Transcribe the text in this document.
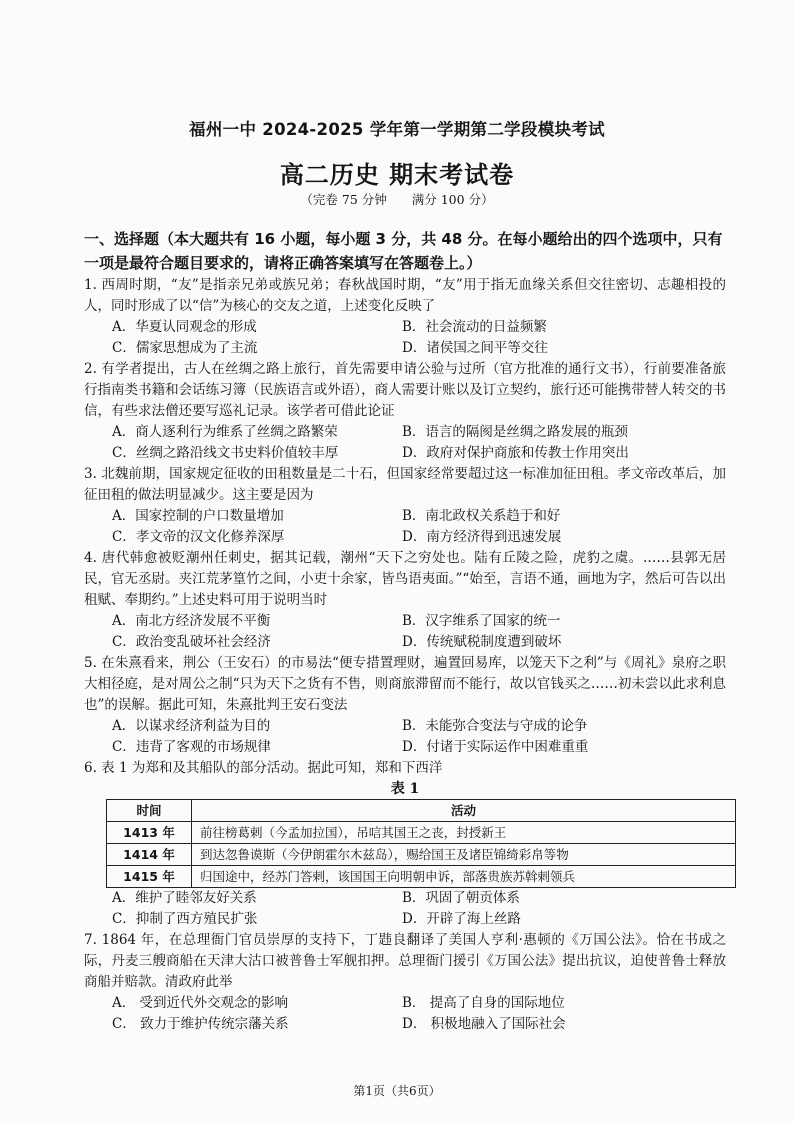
福州一中 2024-2025 学年第一学期第二学段模块考试
高二历史 期末考试卷
（完卷 75 分钟　　满分 100 分）

一、选择题（本大题共有 16 小题，每小题 3 分，共 48 分。在每小题给出的四个选项中，只有一项是最符合题目要求的，请将正确答案填写在答题卷上。）

1. 西周时期，“友”是指亲兄弟或族兄弟；春秋战国时期，“友”用于指无血缘关系但交往密切、志趣相投的人，同时形成了以“信”为核心的交友之道，上述变化反映了

A．华夏认同观念的形成	B．社会流动的日益频繁
C．儒家思想成为了主流	D．诸侯国之间平等交往

2. 有学者提出，古人在丝绸之路上旅行，首先需要申请公验与过所（官方批准的通行文书），行前要准备旅行指南类书籍和会话练习簿（民族语言或外语），商人需要计账以及订立契约，旅行还可能携带替人转交的书信，有些求法僧还要写巡礼记录。该学者可借此论证

A．商人逐利行为维系了丝绸之路繁荣	B．语言的隔阂是丝绸之路发展的瓶颈
C．丝绸之路沿线文书史料价值较丰厚	D．政府对保护商旅和传教士作用突出

3. 北魏前期，国家规定征收的田租数量是二十石，但国家经常要超过这一标准加征田租。孝文帝改革后，加征田租的做法明显减少。这主要是因为

A．国家控制的户口数量增加	B．南北政权关系趋于和好
C．孝文帝的汉文化修养深厚	D．南方经济得到迅速发展

4. 唐代韩愈被贬潮州任刺史，据其记载，潮州“天下之穷处也。陆有丘陵之险，虎豹之虞。……县郭无居民，官无丞尉。夹江荒茅篁竹之间，小吏十余家，皆鸟语夷面。”“始至，言语不通，画地为字，然后可告以出租赋、奉期约。”上述史料可用于说明当时

A．南北方经济发展不平衡	B．汉字维系了国家的统一
C．政治变乱破坏社会经济	D．传统赋税制度遭到破坏

5. 在朱熹看来，荆公（王安石）的市易法“便专措置理财，遍置回易库，以笼天下之利”与《周礼》泉府之职大相径庭，是对周公之制“只为天下之货有不售，则商旅滞留而不能行，故以官钱买之……初未尝以此求利息也”的误解。据此可知，朱熹批判王安石变法

A．以谋求经济利益为目的	B．未能弥合变法与守成的论争
C．违背了客观的市场规律	D．付诸于实际运作中困难重重

6. 表 1 为郑和及其船队的部分活动。据此可知，郑和下西洋

表 1

时间	活动
1413 年	前往榜葛剌（今孟加拉国），吊唁其国王之丧，封授新王
1414 年	到达忽鲁谟斯（今伊朗霍尔木兹岛），赐给国王及诸臣锦绮彩帛等物
1415 年	归国途中，经苏门答剌，该国国王向明朝申诉，部落贵族苏斡剌领兵
A．维护了睦邻友好关系	B．巩固了朝贡体系
C．抑制了西方殖民扩张	D．开辟了海上丝路

7. 1864 年，在总理衙门官员崇厚的支持下，丁韪良翻译了美国人亨利·惠顿的《万国公法》。恰在书成之际，丹麦三艘商船在天津大沽口被普鲁士军舰扣押。总理衙门援引《万国公法》提出抗议，迫使普鲁士释放商船并赔款。清政府此举

A． 受到近代外交观念的影响	B． 提高了自身的国际地位
C． 致力于维护传统宗藩关系	D． 积极地融入了国际社会
第1页（共6页）
